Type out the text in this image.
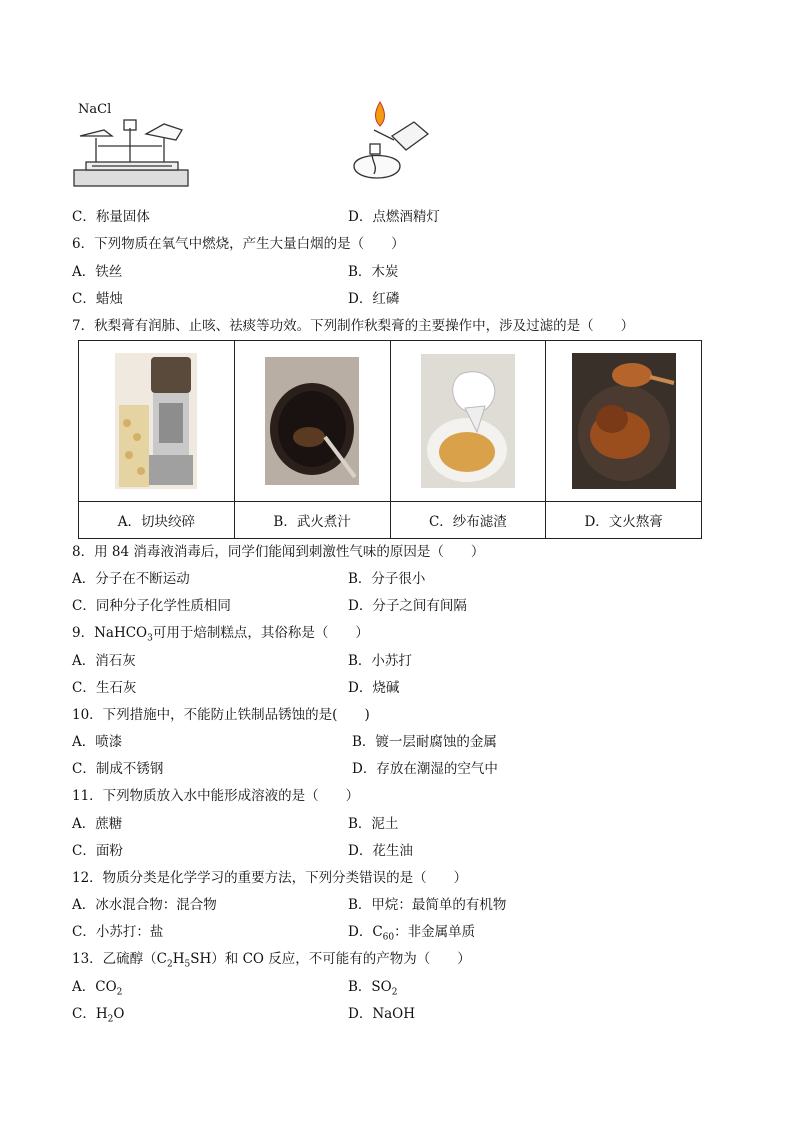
NaCl
C．称量固体	D．点燃酒精灯
6．下列物质在氧气中燃烧，产生大量白烟的是（　　）
A．铁丝	B．木炭
C．蜡烛	D．红磷
7．秋梨膏有润肺、止咳、祛痰等功效。下列制作秋梨膏的主要操作中，涉及过滤的是（　　）

A．切块绞碎	B．武火煮汁	C．纱布滤渣	D．文火熬膏
8．用 84 消毒液消毒后，同学们能闻到刺激性气味的原因是（　　）
A．分子在不断运动	B．分子很小
C．同种分子化学性质相同	D．分子之间有间隔
9．NaHCO$_3$可用于焙制糕点，其俗称是（　　）
A．消石灰	B．小苏打
C．生石灰	D．烧碱
10．下列措施中，不能防止铁制品锈蚀的是(　　)
A．喷漆	B．镀一层耐腐蚀的金属
C．制成不锈钢	D．存放在潮湿的空气中
11．下列物质放入水中能形成溶液的是（　　）
A．蔗糖	B．泥土
C．面粉	D．花生油
12．物质分类是化学学习的重要方法，下列分类错误的是（　　）
A．冰水混合物：混合物	B．甲烷：最简单的有机物
C．小苏打：盐	D．$C_{60}$：非金属单质
13．乙硫醇$(C_2H_5SH)$和 CO 反应，不可能有的产物为（　　）
A．$CO_2$	B．$SO_2$
C．$H_2O$	D．NaOH
